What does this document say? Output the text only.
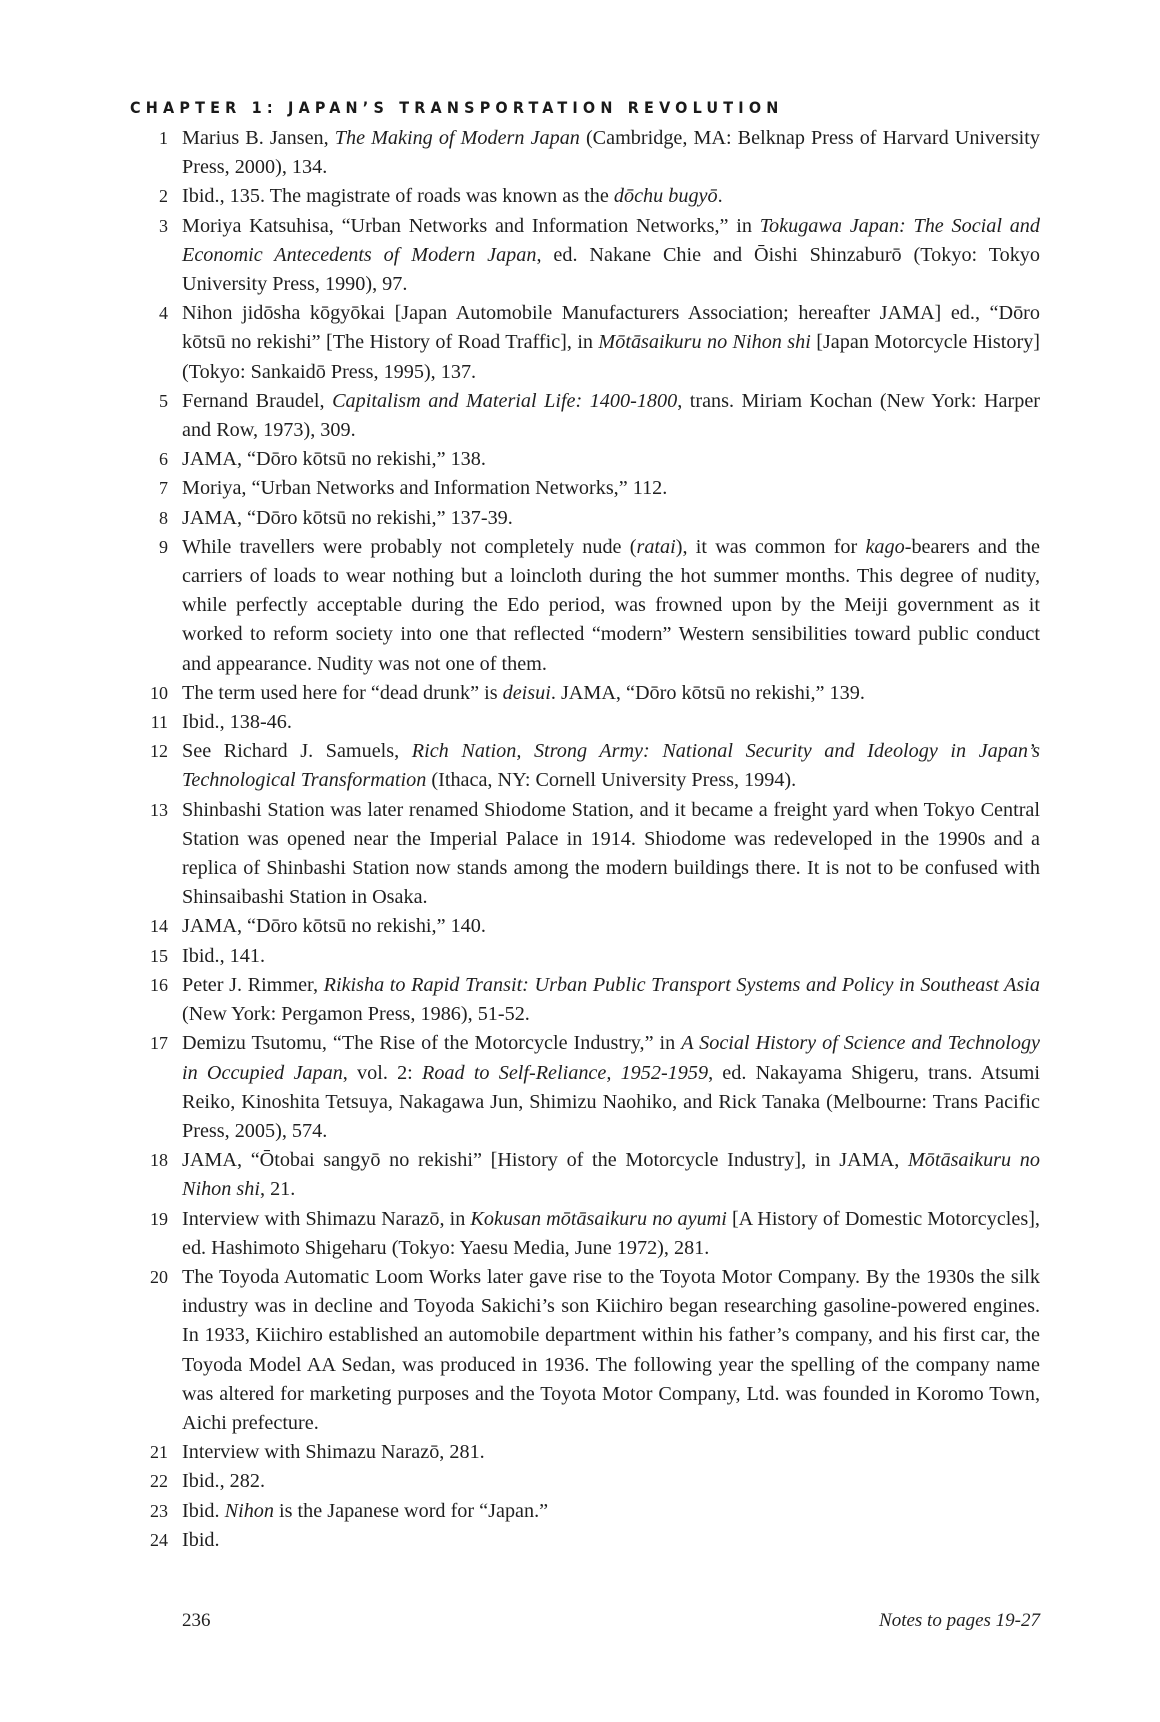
CHAPTER 1: JAPAN’S TRANSPORTATION REVOLUTION
1 Marius B. Jansen, The Making of Modern Japan (Cambridge, MA: Belknap Press of Harvard University Press, 2000), 134.
2 Ibid., 135. The magistrate of roads was known as the dōchu bugyō.
3 Moriya Katsuhisa, “Urban Networks and Information Networks,” in Tokugawa Japan: The Social and Economic Antecedents of Modern Japan, ed. Nakane Chie and Ōishi Shinzaburō (Tokyo: Tokyo University Press, 1990), 97.
4 Nihon jidōsha kōgyōkai [Japan Automobile Manufacturers Association; hereafter JAMA] ed., “Dōro kōtsū no rekishi” [The History of Road Traffic], in Mōtāsaikuru no Nihon shi [Japan Motorcycle History] (Tokyo: Sankaidō Press, 1995), 137.
5 Fernand Braudel, Capitalism and Material Life: 1400-1800, trans. Miriam Kochan (New York: Harper and Row, 1973), 309.
6 JAMA, “Dōro kōtsū no rekishi,” 138.
7 Moriya, “Urban Networks and Information Networks,” 112.
8 JAMA, “Dōro kōtsū no rekishi,” 137-39.
9 While travellers were probably not completely nude (ratai), it was common for kago-bearers and the carriers of loads to wear nothing but a loincloth during the hot summer months. This degree of nudity, while perfectly acceptable during the Edo period, was frowned upon by the Meiji government as it worked to reform society into one that reflected “modern” Western sensibilities toward public conduct and appearance. Nudity was not one of them.
10 The term used here for “dead drunk” is deisui. JAMA, “Dōro kōtsū no rekishi,” 139.
11 Ibid., 138-46.
12 See Richard J. Samuels, Rich Nation, Strong Army: National Security and Ideology in Japan’s Technological Transformation (Ithaca, NY: Cornell University Press, 1994).
13 Shinbashi Station was later renamed Shiodome Station, and it became a freight yard when Tokyo Central Station was opened near the Imperial Palace in 1914. Shiodome was redeveloped in the 1990s and a replica of Shinbashi Station now stands among the modern buildings there. It is not to be confused with Shinsaibashi Station in Osaka.
14 JAMA, “Dōro kōtsū no rekishi,” 140.
15 Ibid., 141.
16 Peter J. Rimmer, Rikisha to Rapid Transit: Urban Public Transport Systems and Policy in Southeast Asia (New York: Pergamon Press, 1986), 51-52.
17 Demizu Tsutomu, “The Rise of the Motorcycle Industry,” in A Social History of Science and Technology in Occupied Japan, vol. 2: Road to Self-Reliance, 1952-1959, ed. Nakayama Shigeru, trans. Atsumi Reiko, Kinoshita Tetsuya, Nakagawa Jun, Shimizu Naohiko, and Rick Tanaka (Melbourne: Trans Pacific Press, 2005), 574.
18 JAMA, “Ōtobai sangyō no rekishi” [History of the Motorcycle Industry], in JAMA, Mōtāsaikuru no Nihon shi, 21.
19 Interview with Shimazu Narazō, in Kokusan mōtāsaikuru no ayumi [A History of Domestic Motorcycles], ed. Hashimoto Shigeharu (Tokyo: Yaesu Media, June 1972), 281.
20 The Toyoda Automatic Loom Works later gave rise to the Toyota Motor Company. By the 1930s the silk industry was in decline and Toyoda Sakichi’s son Kiichiro began researching gasoline-powered engines. In 1933, Kiichiro established an automobile department within his father’s company, and his first car, the Toyoda Model AA Sedan, was produced in 1936. The following year the spelling of the company name was altered for marketing purposes and the Toyota Motor Company, Ltd. was founded in Koromo Town, Aichi prefecture.
21 Interview with Shimazu Narazō, 281.
22 Ibid., 282.
23 Ibid. Nihon is the Japanese word for “Japan.”
24 Ibid.
236	Notes to pages 19-27
